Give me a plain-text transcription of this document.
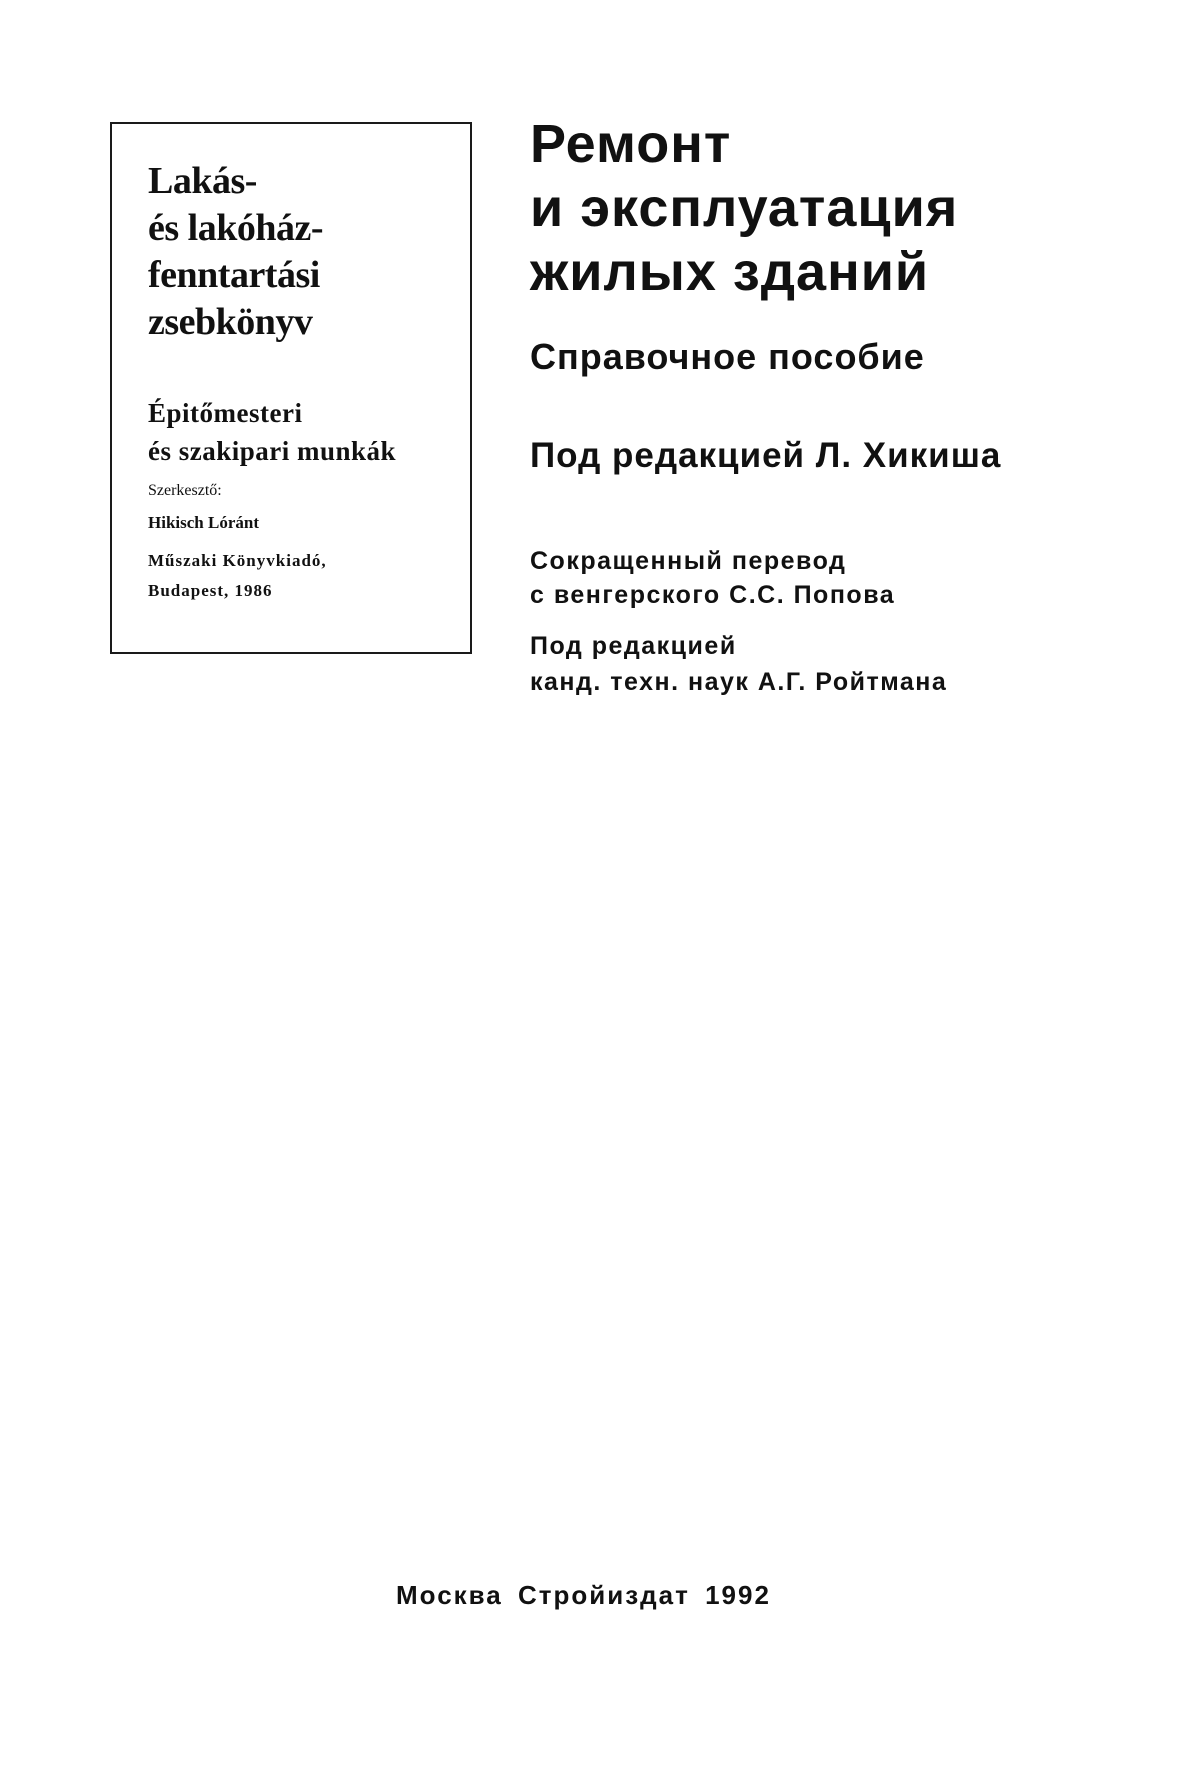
Lakás-
és lakóház-
fenntartási
zsebkönyv
Épitőmesteri
és szakipari munkák
Szerkesztő:
Hikisch Lóránt
Műszaki Könyvkiadó,
Budapest, 1986
Ремонт
и эксплуатация
жилых зданий
Справочное пособие
Под редакцией Л. Хикиша
Сокращенный перевод
с венгерского С.С. Попова
Под редакцией
канд. техн. наук А.Г. Ройтмана
Москва Стройиздат 1992
